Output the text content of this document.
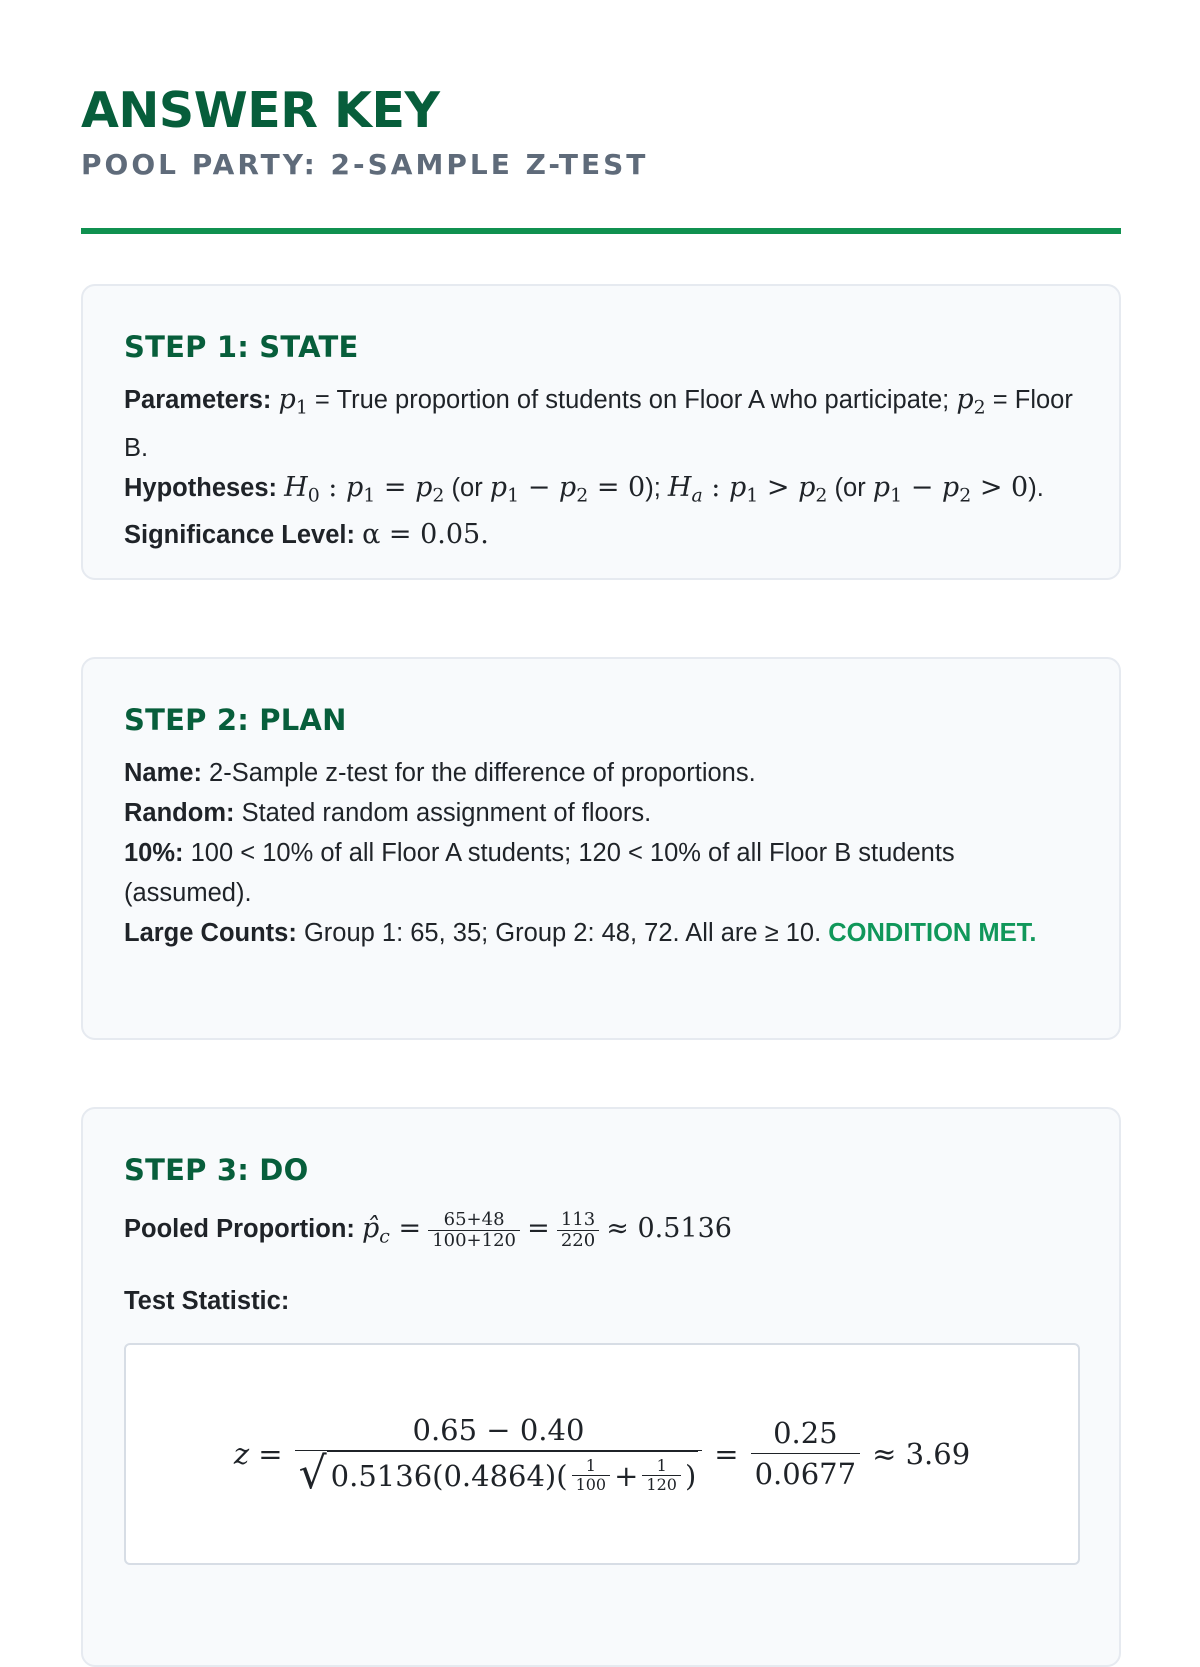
ANSWER KEY
POOL PARTY: 2-SAMPLE Z-TEST
STEP 1: STATE

Parameters: $p_1$ = True proportion of students on Floor A who participate; $p_2$ = Floor B.

Hypotheses: $H_0$ : $p_1 = p_2$ (or $p_1 - p_2 = 0$); $H_a$ : $p_1 > p_2$ (or $p_1 - p_2 > 0$).

Significance Level: α = 0.05.

STEP 2: PLAN

Name: 2-Sample z-test for the difference of proportions.

Random: Stated random assignment of floors.

10%: 100 < 10% of all Floor A students; 120 < 10% of all Floor B students (assumed).

Large Counts: Group 1: 65, 35; Group 2: 48, 72. All are ≥ 10. CONDITION MET.

STEP 3: DO

Pooled Proportion: $p̂_c = \frac{65+48}{100+120} = \frac{113}{220} \approx 0.5136$

Test Statistic:

z =
0.65 − 0.40
√ $0.5136(0.4864)( \frac{1}{100} + \frac{1}{120}$ )
= $\frac{0.25}{0.0677} \approx 3.69$
